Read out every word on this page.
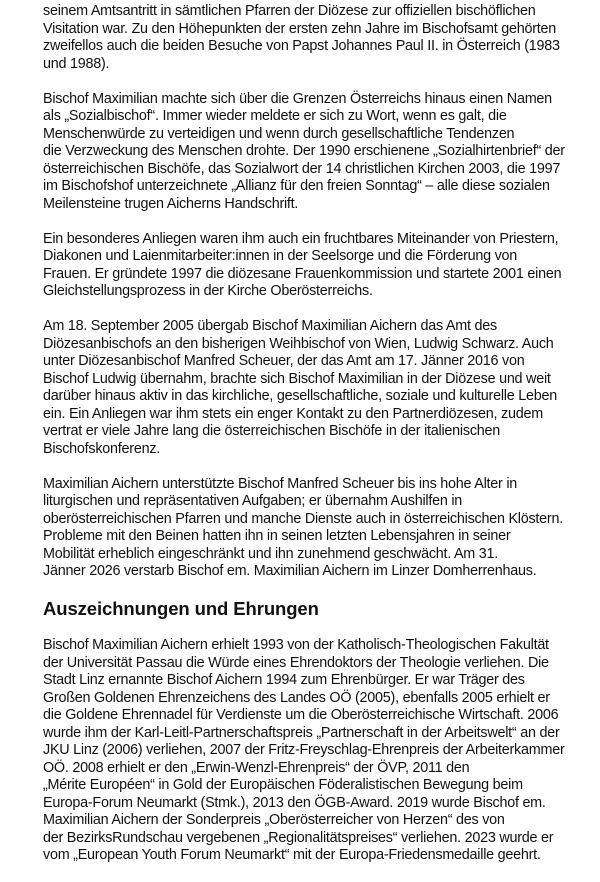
seinem Amtsantritt in sämtlichen Pfarren der Diözese zur offiziellen bischöflichen
Visitation war. Zu den Höhepunkten der ersten zehn Jahre im Bischofsamt gehörten
zweifellos auch die beiden Besuche von Papst Johannes Paul II. in Österreich (1983
und 1988).
Bischof Maximilian machte sich über die Grenzen Österreichs hinaus einen Namen
als „Sozialbischof“. Immer wieder meldete er sich zu Wort, wenn es galt, die
Menschenwürde zu verteidigen und wenn durch gesellschaftliche Tendenzen
die Verzweckung des Menschen drohte. Der 1990 erschienene „Sozialhirtenbrief“ der
österreichischen Bischöfe, das Sozialwort der 14 christlichen Kirchen 2003, die 1997
im Bischofshof unterzeichnete „Allianz für den freien Sonntag“ – alle diese sozialen
Meilensteine trugen Aicherns Handschrift.
Ein besonderes Anliegen waren ihm auch ein fruchtbares Miteinander von Priestern,
Diakonen und Laienmitarbeiter:innen in der Seelsorge und die Förderung von
Frauen. Er gründete 1997 die diözesane Frauenkommission und startete 2001 einen
Gleichstellungsprozess in der Kirche Oberösterreichs.
Am 18. September 2005 übergab Bischof Maximilian Aichern das Amt des
Diözesanbischofs an den bisherigen Weihbischof von Wien, Ludwig Schwarz. Auch
unter Diözesanbischof Manfred Scheuer, der das Amt am 17. Jänner 2016 von
Bischof Ludwig übernahm, brachte sich Bischof Maximilian in der Diözese und weit
darüber hinaus aktiv in das kirchliche, gesellschaftliche, soziale und kulturelle Leben
ein. Ein Anliegen war ihm stets ein enger Kontakt zu den Partnerdiözesen, zudem
vertrat er viele Jahre lang die österreichischen Bischöfe in der italienischen
Bischofskonferenz.
Maximilian Aichern unterstützte Bischof Manfred Scheuer bis ins hohe Alter in
liturgischen und repräsentativen Aufgaben; er übernahm Aushilfen in
oberösterreichischen Pfarren und manche Dienste auch in österreichischen Klöstern.
Probleme mit den Beinen hatten ihn in seinen letzten Lebensjahren in seiner
Mobilität erheblich eingeschränkt und ihn zunehmend geschwächt. Am 31.
Jänner 2026 verstarb Bischof em. Maximilian Aichern im Linzer Domherrenhaus.
Auszeichnungen und Ehrungen
Bischof Maximilian Aichern erhielt 1993 von der Katholisch-Theologischen Fakultät
der Universität Passau die Würde eines Ehrendoktors der Theologie verliehen. Die
Stadt Linz ernannte Bischof Aichern 1994 zum Ehrenbürger. Er war Träger des
Großen Goldenen Ehrenzeichens des Landes OÖ (2005), ebenfalls 2005 erhielt er
die Goldene Ehrennadel für Verdienste um die Oberösterreichische Wirtschaft. 2006
wurde ihm der Karl-Leitl-Partnerschaftspreis „Partnerschaft in der Arbeitswelt“ an der
JKU Linz (2006) verliehen, 2007 der Fritz-Freyschlag-Ehrenpreis der Arbeiterkammer
OÖ. 2008 erhielt er den „Erwin-Wenzl-Ehrenpreis“ der ÖVP, 2011 den
„Mérite Européen“ in Gold der Europäischen Föderalistischen Bewegung beim
Europa-Forum Neumarkt (Stmk.), 2013 den ÖGB-Award. 2019 wurde Bischof em.
Maximilian Aichern der Sonderpreis „Oberösterreicher von Herzen“ des von
der BezirksRundschau vergebenen „Regionalitätspreises“ verliehen. 2023 wurde er
vom „European Youth Forum Neumarkt“ mit der Europa-Friedensmedaille geehrt.
